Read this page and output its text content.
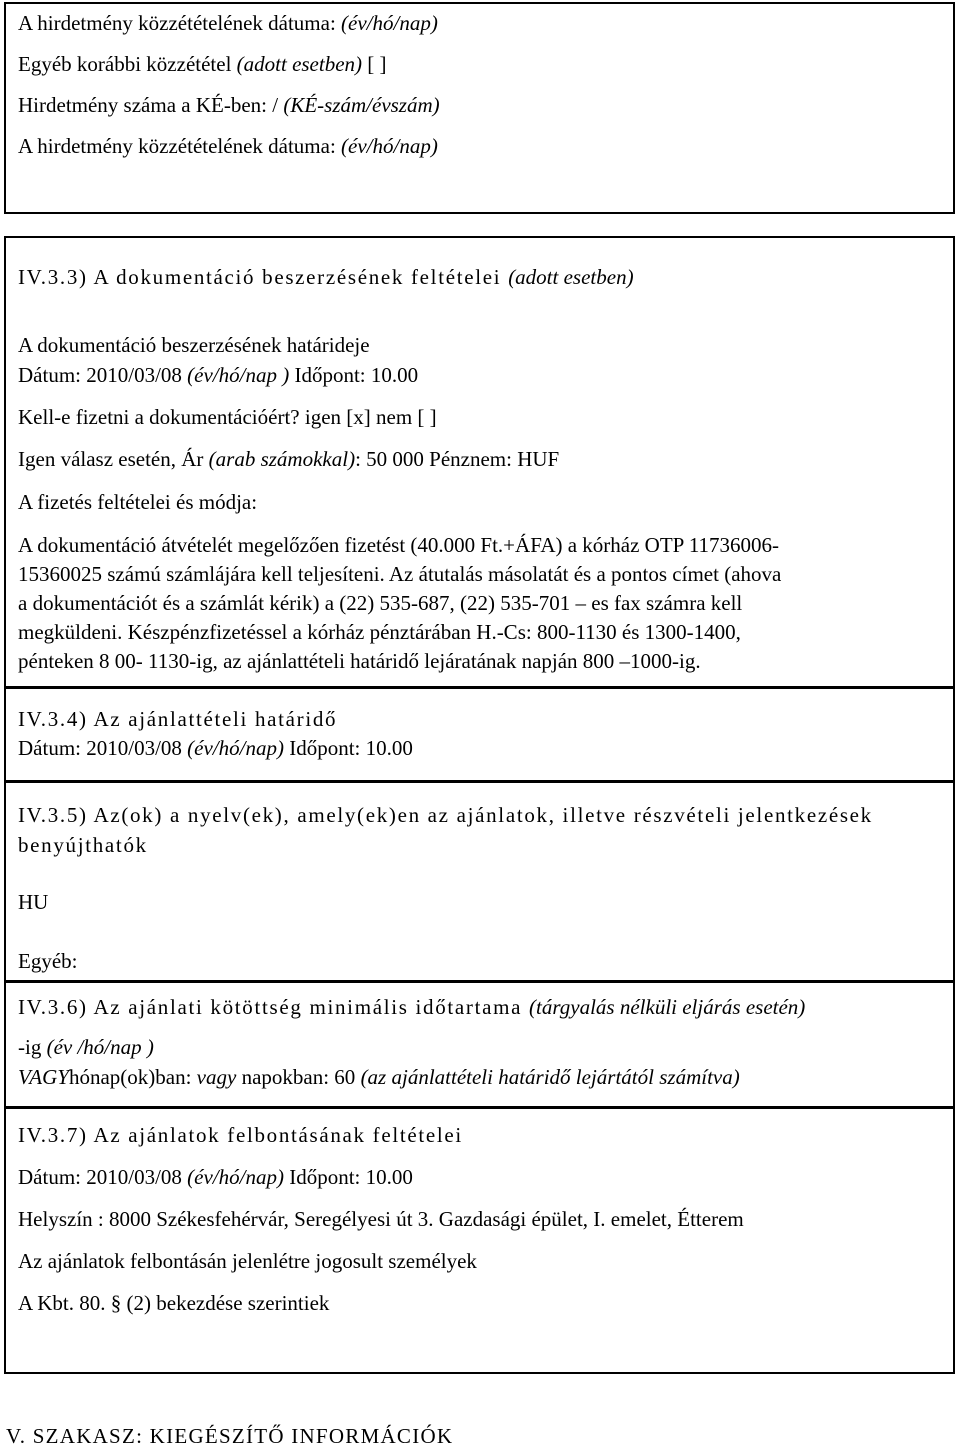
A hirdetmény közzétételének dátuma: (év/hó/nap)
Egyéb korábbi közzététel (adott esetben) [ ]
Hirdetmény száma a KÉ-ben: / (KÉ-szám/évszám)
A hirdetmény közzétételének dátuma: (év/hó/nap)
IV.3.3) A dokumentáció beszerzésének feltételei (adott esetben)
A dokumentáció beszerzésének határideje
Dátum: 2010/03/08 (év/hó/nap ) Időpont: 10.00
Kell-e fizetni a dokumentációért? igen [x] nem [ ]
Igen válasz esetén, Ár (arab számokkal): 50 000 Pénznem: HUF
A fizetés feltételei és módja:
A dokumentáció átvételét megelőzően fizetést (40.000 Ft.+ÁFA) a kórház OTP 11736006-
15360025 számú számlájára kell teljesíteni. Az átutalás másolatát és a pontos címet (ahova
a dokumentációt és a számlát kérik) a (22) 535-687, (22) 535-701 – es fax számra kell
megküldeni. Készpénzfizetéssel a kórház pénztárában H.-Cs: 800-1130 és 1300-1400,
pénteken 8 00- 1130-ig, az ajánlattételi határidő lejáratának napján 800 –1000-ig.
IV.3.4) Az ajánlattételi határidő
Dátum: 2010/03/08 (év/hó/nap) Időpont: 10.00
IV.3.5) Az(ok) a nyelv(ek), amely(ek)en az ajánlatok, illetve részvételi jelentkezések
benyújthatók
HU
Egyéb:
IV.3.6) Az ajánlati kötöttség minimális időtartama (tárgyalás nélküli eljárás esetén)
-ig (év /hó/nap )
VAGYhónap(ok)ban: vagy napokban: 60 (az ajánlattételi határidő lejártától számítva)
IV.3.7) Az ajánlatok felbontásának feltételei
Dátum: 2010/03/08 (év/hó/nap) Időpont: 10.00
Helyszín : 8000 Székesfehérvár, Seregélyesi út 3. Gazdasági épület, I. emelet, Étterem
Az ajánlatok felbontásán jelenlétre jogosult személyek
A Kbt. 80. § (2) bekezdése szerintiek
V. SZAKASZ: KIEGÉSZÍTŐ INFORMÁCIÓK
